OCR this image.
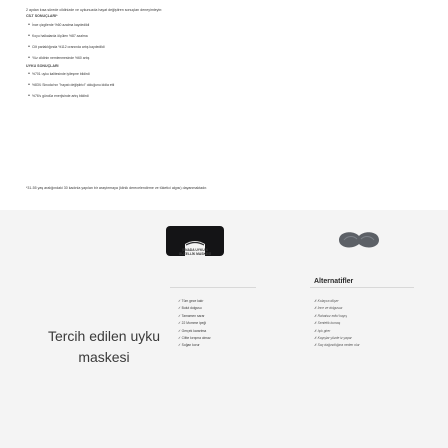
2 aydan kısa sürede cildinizde ve uykunuzda hayat değiştiren sonuçları deneyimleyin:

CİLT SONUÇLARI*
• İnce çizgilerde %60 azalma kaydedildi
• Koyu halkalarda ölçülen %87 azalma
• Cilt parlaklığında %112 oranında artış kaydedildi
• Yüz cildinin nemlenmesinde %60 artış
UYKU SONUÇLARI
• %701 uyku kalitesinde iyileşme bildirdi
• %83'ü Sinoda'nın "hayatı değiştirici" olduğunu iddia etti
• %76's gündüz enerjisinde artış bildirdi
*31-55 yaş aralığındaki 30 kadınla yapılan bir araştırmaya (klinik derecelendirme ve tüketici algısı) dayanmaktadır.
Tercih edilen uyku maskesi
SİNADA UYKU & GÜZELLİK MASKESİ
Alternatifler
✓ Tüm gece kalır
✓ Bulut dolgusu
✓ Tamamen sarar
✓ 22 Momme ipeği
✓ Gerçek karartma
✓ Ciltte kırışma olmaz
✓ Soğan korur
✗ Kolayca düşer
✗ İnce ve dolgusuz
✗ Rahatsız edici kayış
✗ Sentetik kumaş
✗ Işık girer
✗ Kayışlar yüzde iz yapar
✗ Saç dağınıklığına neden olur
